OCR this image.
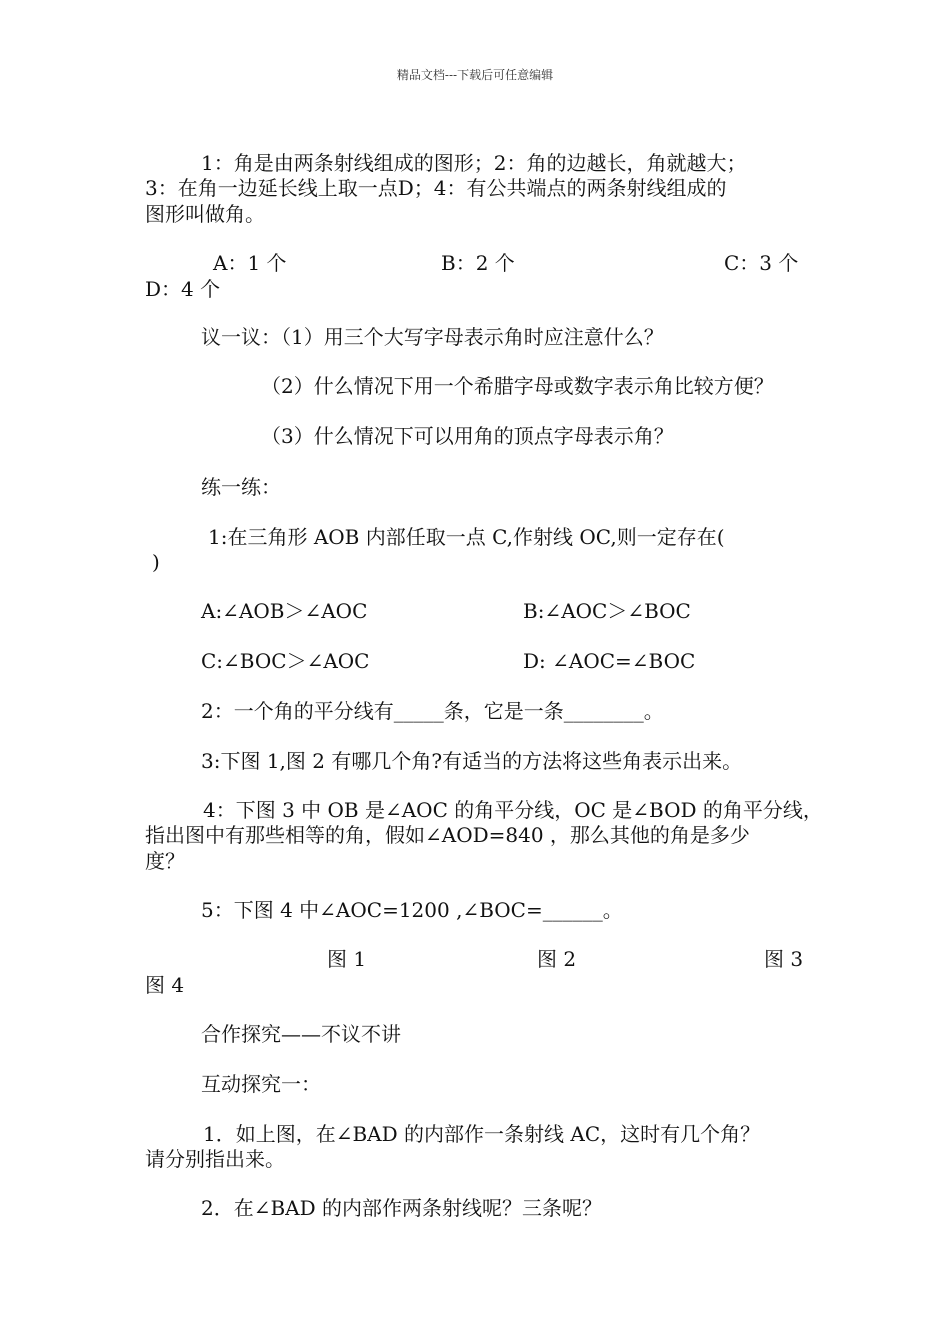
精品文档---下载后可任意编辑
1：角是由两条射线组成的图形；2：角的边越长，角就越大；
3：在角一边延长线上取一点D；4：有公共端点的两条射线组成的
图形叫做角。
A：1 个	B：2 个	C：3 个
D：4 个
议一议：（1）用三个大写字母表示角时应注意什么？
（2）什么情况下用一个希腊字母或数字表示角比较方便？
（3）什么情况下可以用角的顶点字母表示角？
练一练：
1:在三角形 AOB 内部任取一点 C,作射线 OC,则一定存在(
)
A:∠AOB＞∠AOC	B:∠AOC＞∠BOC
C:∠BOC＞∠AOC	D: ∠AOC=∠BOC
2：一个角的平分线有_____条，它是一条________。
3:下图 1,图 2 有哪几个角?有适当的方法将这些角表示出来。
4：下图 3 中 OB 是∠AOC 的角平分线，OC 是∠BOD 的角平分线，
指出图中有那些相等的角，假如∠AOD=840 ，那么其他的角是多少
度？
5：下图 4 中∠AOC=1200 ,∠BOC=______。
图 1	图 2	图 3
图 4
合作探究——不议不讲
互动探究一：
1．如上图，在∠BAD 的内部作一条射线 AC，这时有几个角？
请分别指出来。
2．在∠BAD 的内部作两条射线呢？三条呢？
